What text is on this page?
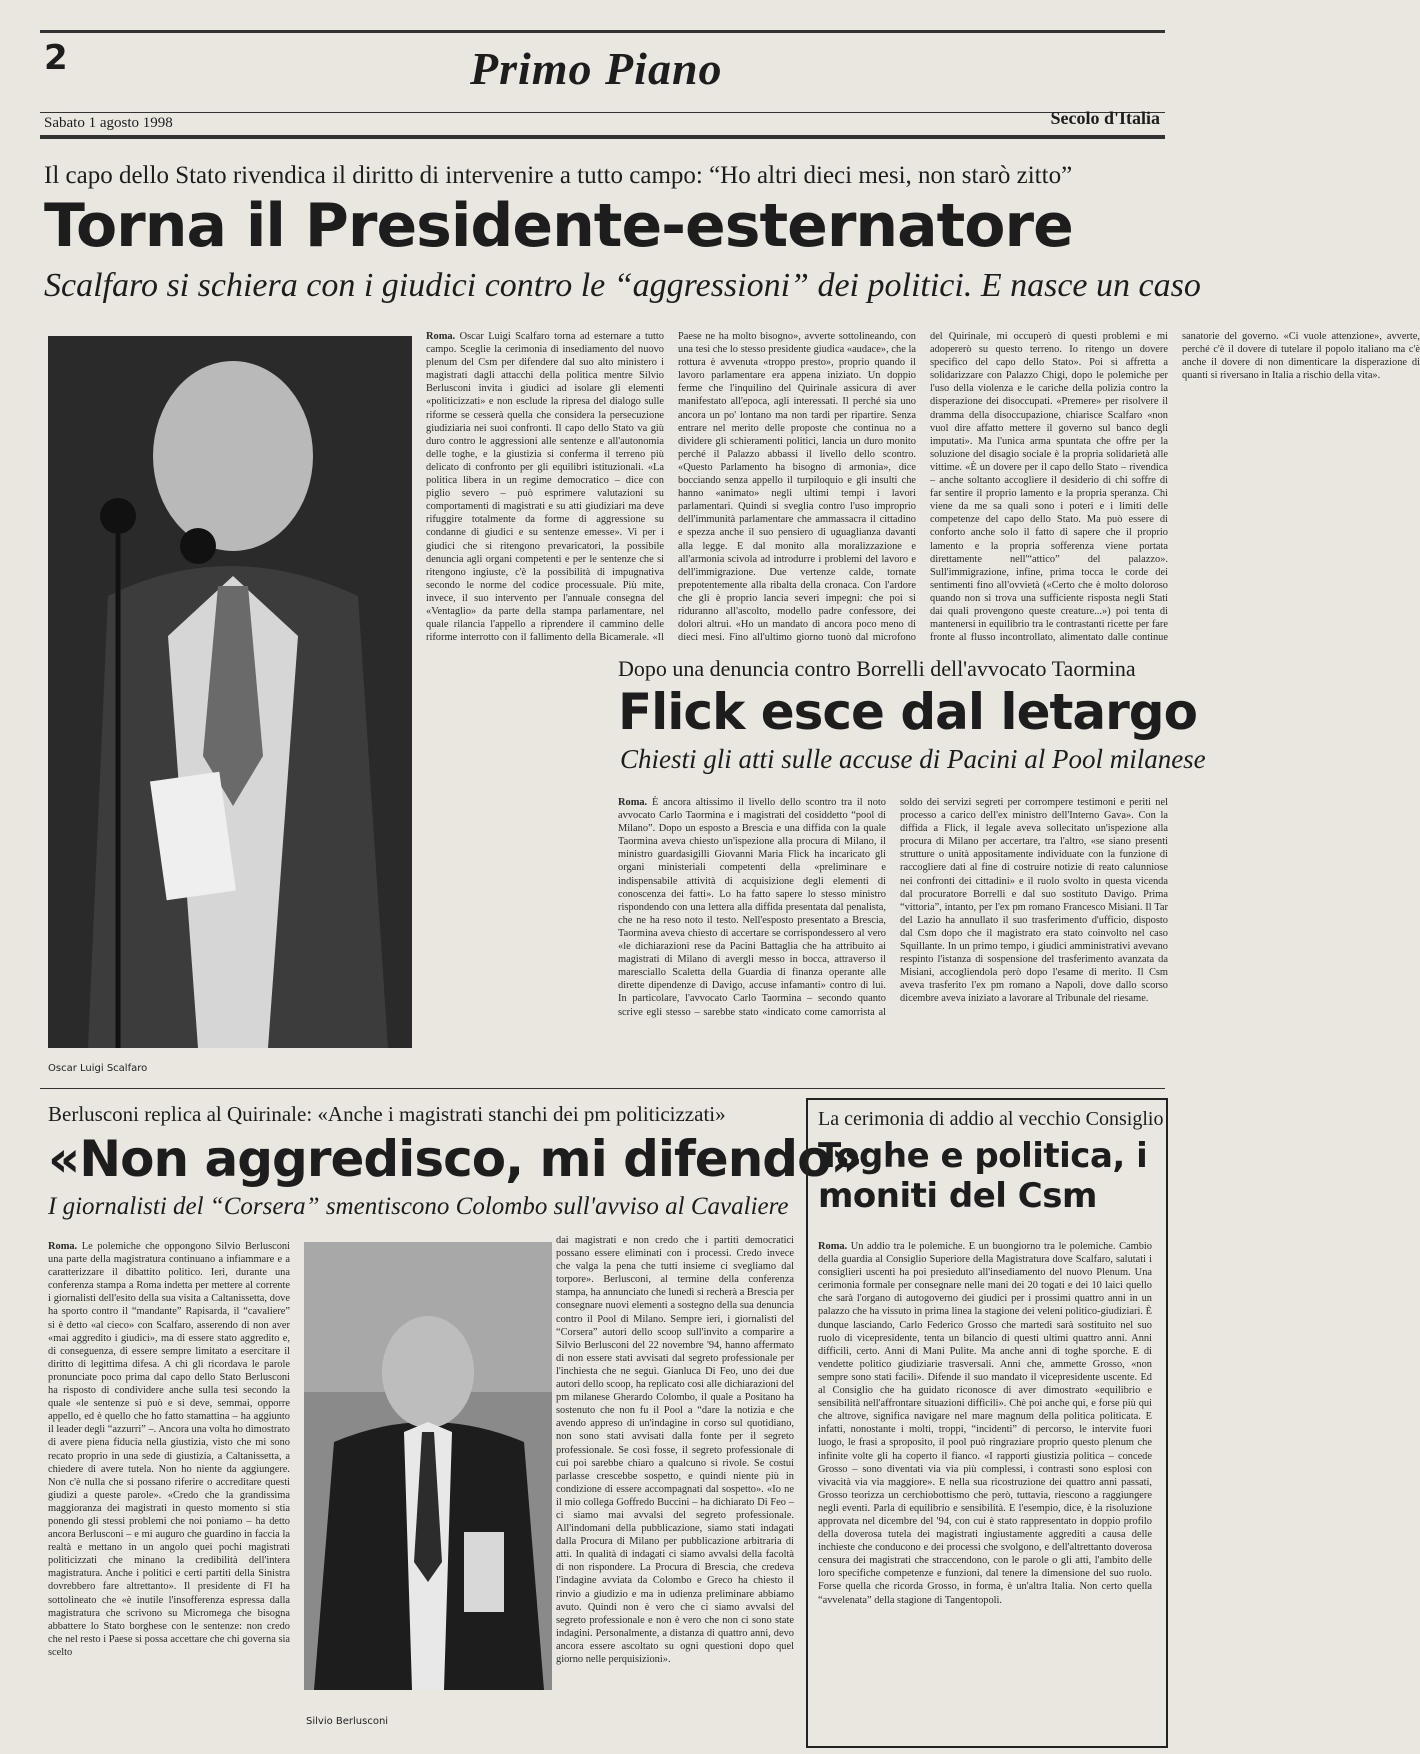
2	Primo Piano
Sabato 1 agosto 1998	Secolo d'Italia
Il capo dello Stato rivendica il diritto di intervenire a tutto campo: “Ho altri dieci mesi, non starò zitto”
Torna il Presidente-esternatore
Scalfaro si schiera con i giudici contro le “aggressioni” dei politici. E nasce un caso
Oscar Luigi Scalfaro
Roma. Oscar Luigi Scalfaro torna ad esternare a tutto campo. Sceglie la cerimonia di insediamento del nuovo plenum del Csm per difendere dal suo alto ministero i magistrati dagli attacchi della politica mentre Silvio Berlusconi invita i giudici ad isolare gli elementi «politicizzati» e non esclude la ripresa del dialogo sulle riforme se cesserà quella che considera la persecuzione giudiziaria nei suoi confronti. Il capo dello Stato va giù duro contro le aggressioni alle sentenze e all'autonomia delle toghe, e la giustizia si conferma il terreno più delicato di confronto per gli equilibri istituzionali. «La politica libera in un regime democratico – dice con piglio severo – può esprimere valutazioni su comportamenti di magistrati e su atti giudiziari ma deve rifuggire totalmente da forme di aggressione su condanne di giudici e su sentenze emesse». Vi per i giudici che si ritengono prevaricatori, la possibile denuncia agli organi competenti e per le sentenze che si ritengono ingiuste, c'è la possibilità di impugnativa secondo le norme del codice processuale. Più mite, invece, il suo intervento per l'annuale consegna del «Ventaglio» da parte della stampa parlamentare, nel quale rilancia l'appello a riprendere il cammino delle riforme interrotto con il fallimento della Bicamerale. «Il Paese ne ha molto bisogno», avverte sottolineando, con una tesi che lo stesso presidente giudica «audace», che la rottura è avvenuta «troppo presto», proprio quando il lavoro parlamentare era appena iniziato. Un doppio ferme che l'inquilino del Quirinale assicura di aver manifestato all'epoca, agli interessati. Il perché sia uno ancora un po' lontano ma non tardi per ripartire. Senza entrare nel merito delle proposte che continua no a dividere gli schieramenti politici, lancia un duro monito perché il Palazzo abbassi il livello dello scontro. «Questo Parlamento ha bisogno di armonia», dice bocciando senza appello il turpiloquio e gli insulti che hanno «animato» negli ultimi tempi i lavori parlamentari. Quindi si sveglia contro l'uso improprio dell'immunità parlamentare che ammassacra il cittadino e spezza anche il suo pensiero di uguaglianza davanti alla legge. E dal monito alla moralizzazione e all'armonia scivola ad introdurre i problemi del lavoro e dell'immigrazione. Due vertenze calde, tornate prepotentemente alla ribalta della cronaca. Con l'ardore che gli è proprio lancia severi impegni: che poi si riduranno all'ascolto, modello padre confessore, dei dolori altrui. «Ho un mandato di ancora poco meno di dieci mesi. Fino all'ultimo giorno tuonò dal microfono del Quirinale, mi occuperò di questi problemi e mi adopererò su questo terreno. Io ritengo un dovere specifico del capo dello Stato». Poi si affretta a solidarizzare con Palazzo Chigi, dopo le polemiche per l'uso della violenza e le cariche della polizia contro la disperazione dei disoccupati. «Premere» per risolvere il dramma della disoccupazione, chiarisce Scalfaro «non vuol dire affatto mettere il governo sul banco degli imputati». Ma l'unica arma spuntata che offre per la soluzione del disagio sociale è la propria solidarietà alle vittime. «È un dovere per il capo dello Stato – rivendica – anche soltanto accogliere il desiderio di chi soffre di far sentire il proprio lamento e la propria speranza. Chi viene da me sa quali sono i poteri e i limiti delle competenze del capo dello Stato. Ma può essere di conforto anche solo il fatto di sapere che il proprio lamento e la propria sofferenza viene portata direttamente nell'“attico” del palazzo». Sull'immigrazione, infine, prima tocca le corde dei sentimenti fino all'ovvietà («Certo che è molto doloroso quando non si trova una sufficiente risposta negli Stati dai quali provengono queste creature...») poi tenta di mantenersi in equilibrio tra le contrastanti ricette per fare fronte al flusso incontrollato, alimentato dalle continue sanatorie del governo. «Ci vuole attenzione», avverte, perché c'è il dovere di tutelare il popolo italiano ma c'è anche il dovere di non dimenticare la disperazione di quanti si riversano in Italia a rischio della vita».
Dopo una denuncia contro Borrelli dell'avvocato Taormina
Flick esce dal letargo
Chiesti gli atti sulle accuse di Pacini al Pool milanese
Roma. È ancora altissimo il livello dello scontro tra il noto avvocato Carlo Taormina e i magistrati del cosiddetto “pool di Milano”. Dopo un esposto a Brescia e una diffida con la quale Taormina aveva chiesto un'ispezione alla procura di Milano, il ministro guardasigilli Giovanni Maria Flick ha incaricato gli organi ministeriali competenti della «preliminare e indispensabile attività di acquisizione degli elementi di conoscenza dei fatti». Lo ha fatto sapere lo stesso ministro rispondendo con una lettera alla diffida presentata dal penalista, che ne ha reso noto il testo. Nell'esposto presentato a Brescia, Taormina aveva chiesto di accertare se corrispondessero al vero «le dichiarazioni rese da Pacini Battaglia che ha attribuito ai magistrati di Milano di avergli messo in bocca, attraverso il maresciallo Scaletta della Guardia di finanza operante alle dirette dipendenze di Davigo, accuse infamanti» contro di lui. In particolare, l'avvocato Carlo Taormina – secondo quanto scrive egli stesso – sarebbe stato «indicato come camorrista al soldo dei servizi segreti per corrompere testimoni e periti nel processo a carico dell'ex ministro dell'Interno Gava». Con la diffida a Flick, il legale aveva sollecitato un'ispezione alla procura di Milano per accertare, tra l'altro, «se siano presenti strutture o unità appositamente individuate con la funzione di raccogliere dati al fine di costruire notizie di reato calunniose nei confronti dei cittadini» e il ruolo svolto in questa vicenda dal procuratore Borrelli e dal suo sostituto Davigo. Prima “vittoria”, intanto, per l'ex pm romano Francesco Misiani. Il Tar del Lazio ha annullato il suo trasferimento d'ufficio, disposto dal Csm dopo che il magistrato era stato coinvolto nel caso Squillante. In un primo tempo, i giudici amministrativi avevano respinto l'istanza di sospensione del trasferimento avanzata da Misiani, accogliendola però dopo l'esame di merito. Il Csm aveva trasferito l'ex pm romano a Napoli, dove dallo scorso dicembre aveva iniziato a lavorare al Tribunale del riesame.
Berlusconi replica al Quirinale: «Anche i magistrati stanchi dei pm politicizzati»
«Non aggredisco, mi difendo»
I giornalisti del “Corsera” smentiscono Colombo sull'avviso al Cavaliere
Roma. Le polemiche che oppongono Silvio Berlusconi una parte della magistratura continuano a infiammare e a caratterizzare il dibattito politico. Ieri, durante una conferenza stampa a Roma indetta per mettere al corrente i giornalisti dell'esito della sua visita a Caltanissetta, dove ha sporto contro il “mandante” Rapisarda, il “cavaliere” si è detto «al cieco» con Scalfaro, asserendo di non aver «mai aggredito i giudici», ma di essere stato aggredito e, di conseguenza, di essere sempre limitato a esercitare il diritto di legittima difesa. A chi gli ricordava le parole pronunciate poco prima dal capo dello Stato Berlusconi ha risposto di condividere anche sulla tesi secondo la quale «le sentenze si può e si deve, semmai, opporre appello, ed è quello che ho fatto stamattina – ha aggiunto il leader degli “azzurri” –. Ancora una volta ho dimostrato di avere piena fiducia nella giustizia, visto che mi sono recato proprio in una sede di giustizia, a Caltanissetta, a chiedere di avere tutela. Non ho niente da aggiungere. Non c'è nulla che si possano riferire o accreditare questi giudizi a queste parole». «Credo che la grandissima maggioranza dei magistrati in questo momento si stia ponendo gli stessi problemi che noi poniamo – ha detto ancora Berlusconi – e mi auguro che guardino in faccia la realtà e mettano in un angolo quei pochi magistrati politicizzati che minano la credibilità dell'intera magistratura. Anche i politici e certi partiti della Sinistra dovrebbero fare altrettanto». Il presidente di FI ha sottolineato che «è inutile l'insofferenza espressa dalla magistratura che scrivono su Micromega che bisogna abbattere lo Stato borghese con le sentenze: non credo che nel resto i Paese si possa accettare che chi governa sia scelto
Silvio Berlusconi
dai magistrati e non credo che i partiti democratici possano essere eliminati con i processi. Credo invece che valga la pena che tutti insieme ci svegliamo dal torpore». Berlusconi, al termine della conferenza stampa, ha annunciato che lunedì si recherà a Brescia per consegnare nuovi elementi a sostegno della sua denuncia contro il Pool di Milano. Sempre ieri, i giornalisti del “Corsera” autori dello scoop sull'invito a comparire a Silvio Berlusconi del 22 novembre '94, hanno affermato di non essere stati avvisati dal segreto professionale per l'inchiesta che ne seguì. Gianluca Di Feo, uno dei due autori dello scoop, ha replicato così alle dichiarazioni del pm milanese Gherardo Colombo, il quale a Positano ha sostenuto che non fu il Pool a “dare la notizia e che avendo appreso di un'indagine in corso sul quotidiano, non sono stati avvisati dalla fonte per il segreto professionale. Se così fosse, il segreto professionale di cui poi sarebbe chiaro a qualcuno si rivole. Se costui parlasse crescebbe sospetto, e quindi niente più in condizione di essere accompagnati dal sospetto». «Io ne il mio collega Goffredo Buccini – ha dichiarato Di Feo – ci siamo mai avvalsi del segreto professionale. All'indomani della pubblicazione, siamo stati indagati dalla Procura di Milano per pubblicazione arbitraria di atti. In qualità di indagati ci siamo avvalsi della facoltà di non rispondere. La Procura di Brescia, che credeva l'indagine avviata da Colombo e Greco ha chiesto il rinvio a giudizio e ma in udienza preliminare abbiamo avuto. Quindi non è vero che ci siamo avvalsi del segreto professionale e non è vero che non ci sono state indagini. Personalmente, a distanza di quattro anni, devo ancora essere ascoltato su ogni questioni dopo quel giorno nelle perquisizioni».
La cerimonia di addio al vecchio Consiglio
Toghe e politica, i moniti del Csm
Roma. Un addio tra le polemiche. E un buongiorno tra le polemiche. Cambio della guardia al Consiglio Superiore della Magistratura dove Scalfaro, salutati i consiglieri uscenti ha poi presieduto all'insediamento del nuovo Plenum. Una cerimonia formale per consegnare nelle mani dei 20 togati e dei 10 laici quello che sarà l'organo di autogoverno dei giudici per i prossimi quattro anni in un palazzo che ha vissuto in prima linea la stagione dei veleni politico-giudiziari. È dunque lasciando, Carlo Federico Grosso che martedì sarà sostituito nel suo ruolo di vicepresidente, tenta un bilancio di questi ultimi quattro anni. Anni difficili, certo. Anni di Mani Pulite. Ma anche anni di toghe sporche. E di vendette politico giudiziarie trasversali. Anni che, ammette Grosso, «non sempre sono stati facili». Difende il suo mandato il vicepresidente uscente. Ed al Consiglio che ha guidato riconosce di aver dimostrato «equilibrio e sensibilità nell'affrontare situazioni difficili». Chè poi anche qui, e forse più qui che altrove, significa navigare nel mare magnum della politica politicata. E infatti, nonostante i molti, troppi, “incidenti” di percorso, le intervite fuori luogo, le frasi a sproposito, il pool può ringraziare proprio questo plenum che infinite volte gli ha coperto il fianco. «I rapporti giustizia politica – concede Grosso – sono diventati via via più complessi, i contrasti sono esplosi con vivacità via via maggiore». E nella sua ricostruzione dei quattro anni passati, Grosso teorizza un cerchiobottismo che però, tuttavia, riescono a raggiungere negli eventi. Parla di equilibrio e sensibilità. E l'esempio, dice, è la risoluzione approvata nel dicembre del '94, con cui è stato rappresentato in doppio profilo della doverosa tutela dei magistrati ingiustamente aggrediti a causa delle inchieste che conducono e dei processi che svolgono, e dell'altrettanto doverosa censura dei magistrati che straccendono, con le parole o gli atti, l'ambito delle loro specifiche competenze e funzioni, dal tenere la dimensione del suo ruolo. Forse quella che ricorda Grosso, in forma, è un'altra Italia. Non certo quella “avvelenata” della stagione di Tangentopoli.
